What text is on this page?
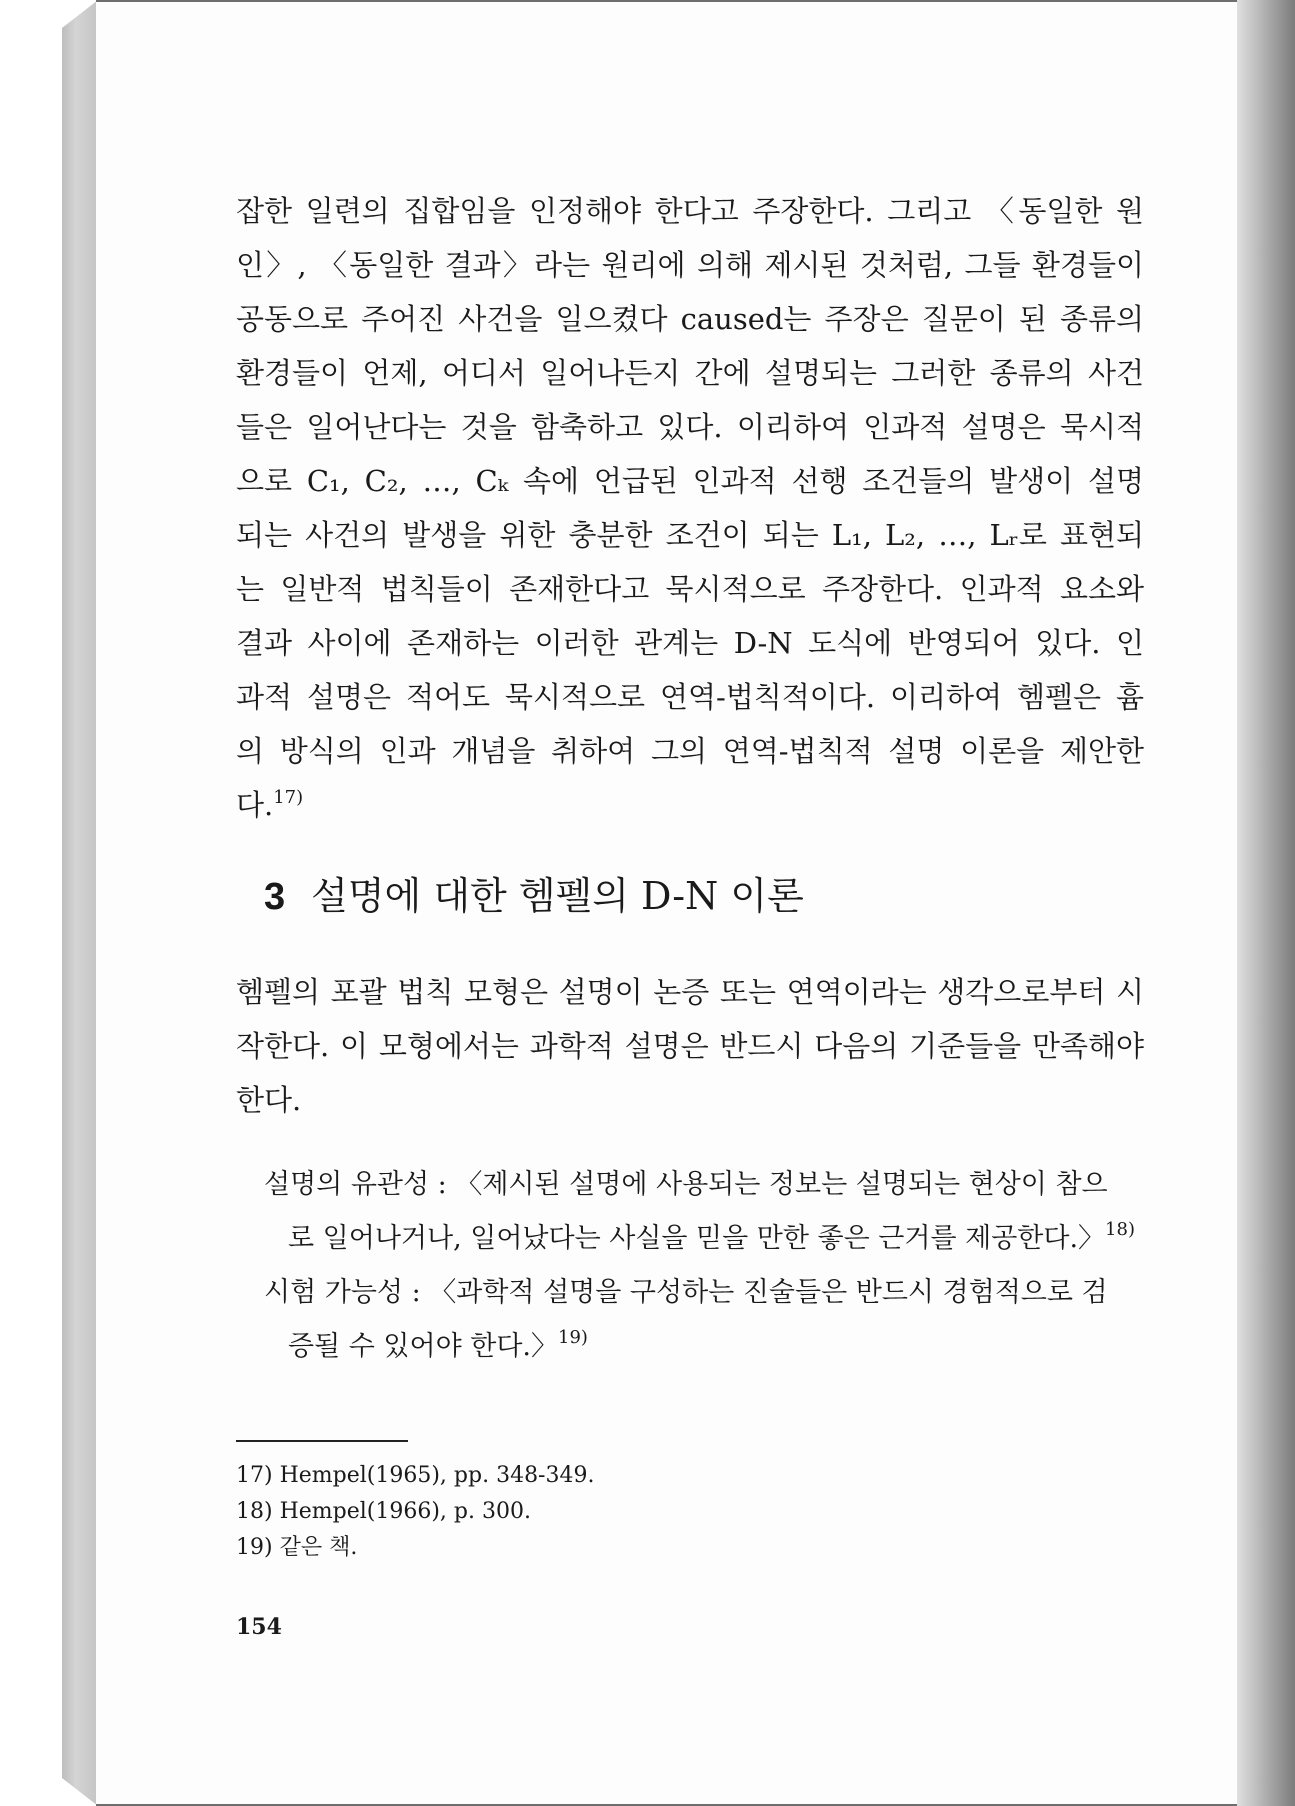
잡한 일련의 집합임을 인정해야 한다고 주장한다. 그리고 〈동일한 원
인〉, 〈동일한 결과〉라는 원리에 의해 제시된 것처럼, 그들 환경들이
공동으로 주어진 사건을 일으켰다 caused는 주장은 질문이 된 종류의
환경들이 언제, 어디서 일어나든지 간에 설명되는 그러한 종류의 사건
들은 일어난다는 것을 함축하고 있다. 이리하여 인과적 설명은 묵시적
으로 C₁, C₂, …, Cₖ 속에 언급된 인과적 선행 조건들의 발생이 설명
되는 사건의 발생을 위한 충분한 조건이 되는 L₁, L₂, …, Lᵣ로 표현되
는 일반적 법칙들이 존재한다고 묵시적으로 주장한다. 인과적 요소와
결과 사이에 존재하는 이러한 관계는 D-N 도식에 반영되어 있다. 인
과적 설명은 적어도 묵시적으로 연역-법칙적이다. 이리하여 헴펠은 흄
의 방식의 인과 개념을 취하여 그의 연역-법칙적 설명 이론을 제안한
다.$^{17)}$
3 설명에 대한 헴펠의 D-N 이론
헴펠의 포괄 법칙 모형은 설명이 논증 또는 연역이라는 생각으로부터 시작한다. 이 모형에서는 과학적 설명은 반드시 다음의 기준들을 만족해야 한다.
설명의 유관성 : 〈제시된 설명에 사용되는 정보는 설명되는 현상이 참으
로 일어나거나, 일어났다는 사실을 믿을 만한 좋은 근거를 제공한다.〉$^{18)}$
시험 가능성 : 〈과학적 설명을 구성하는 진술들은 반드시 경험적으로 검
증될 수 있어야 한다.〉$^{19)}$
17) Hempel(1965), pp. 348-349.
18) Hempel(1966), p. 300.
19) 같은 책.
154
